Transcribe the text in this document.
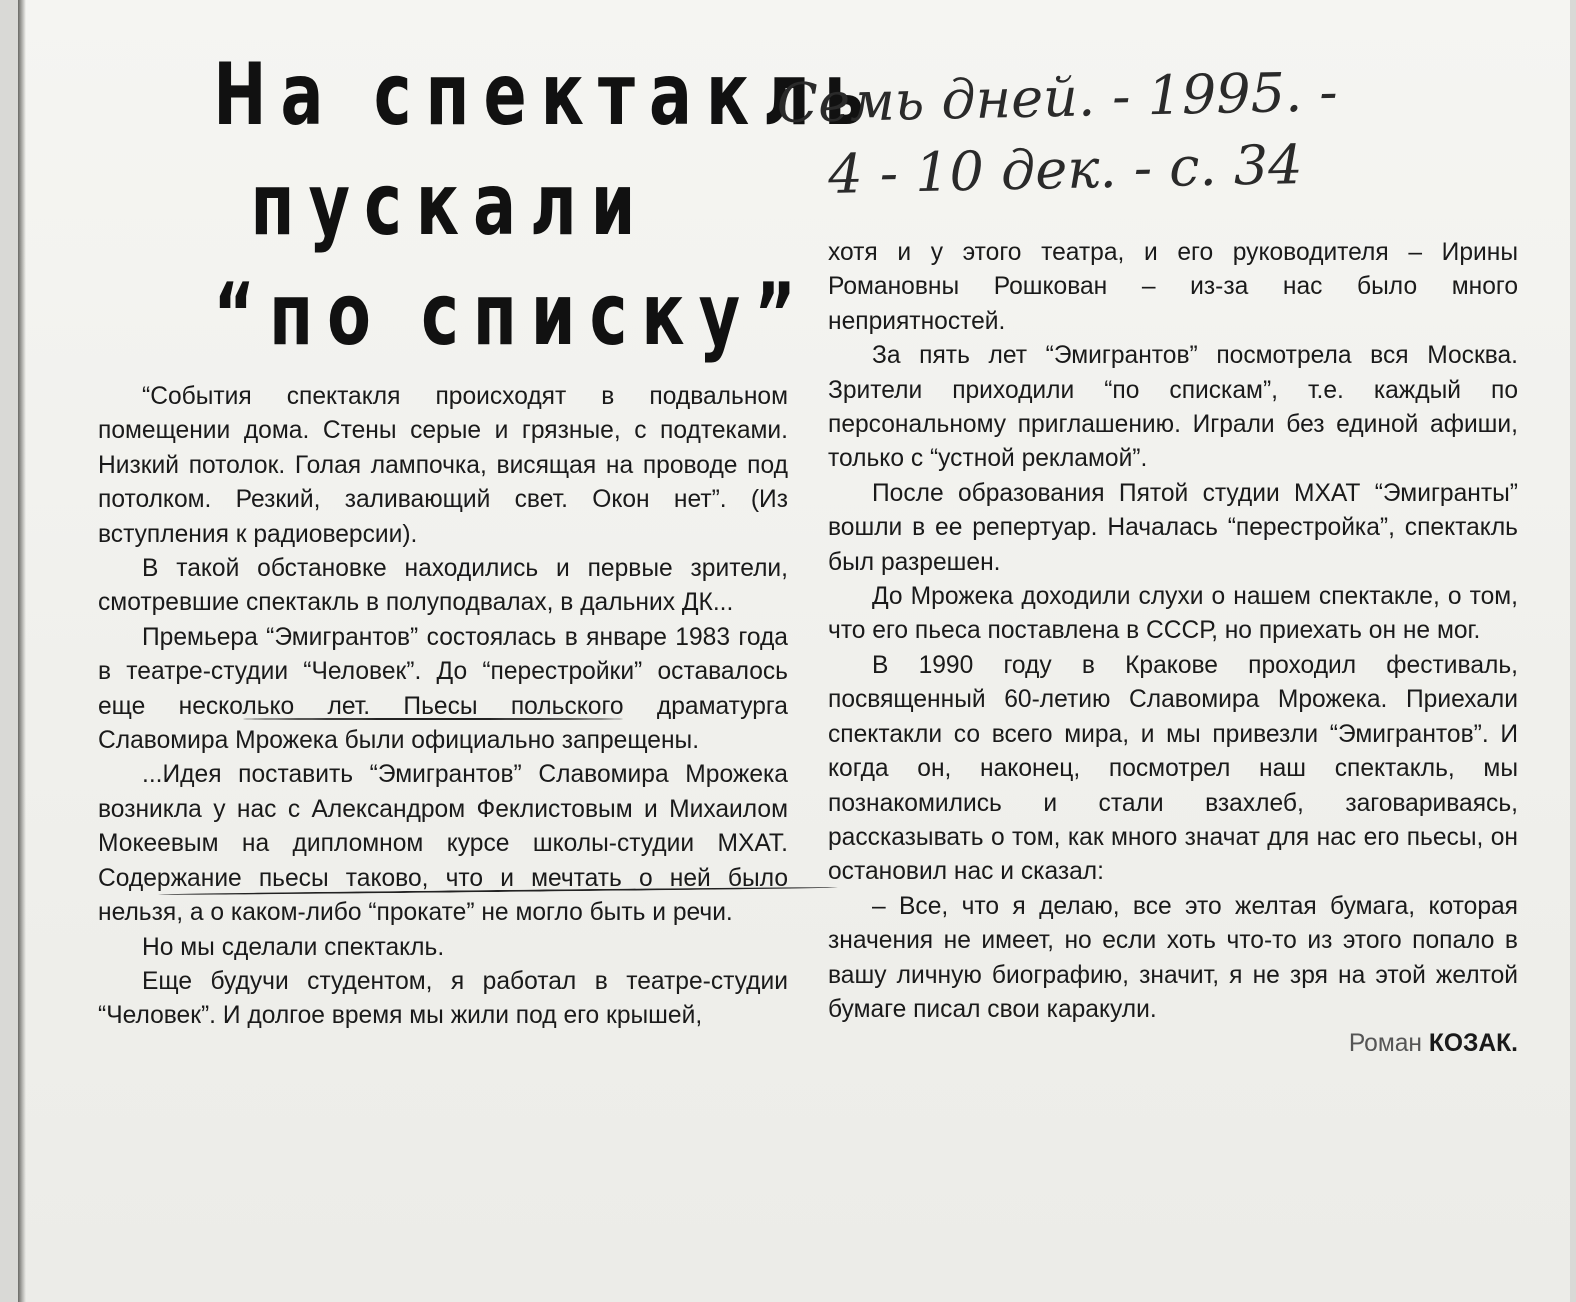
На спектакль
пускали
“по списку”
Семь дней. - 1995. -
4 - 10 дек. - с. 34

“События спектакля происходят в подвальном помещении дома. Стены серые и грязные, с подтеками. Низкий потолок. Голая лампочка, висящая на проводе под потолком. Резкий, заливающий свет. Окон нет”. (Из вступления к радиоверсии).

В такой обстановке находились и первые зрители, смотревшие спектакль в полуподвалах, в дальних ДК...

Премьера “Эмигрантов” состоялась в январе 1983 года в театре-студии “Человек”. До “перестройки” оставалось еще несколько лет. Пьесы польского драматурга Славомира Мрожека были официально запрещены.

...Идея поставить “Эмигрантов” Славомира Мрожека возникла у нас с Александром Феклистовым и Михаилом Мокеевым на дипломном курсе школы-студии МХАТ. Содержание пьесы таково, что и мечтать о ней было нельзя, а о каком-либо “прокате” не могло быть и речи.

Но мы сделали спектакль.

Еще будучи студентом, я работал в театре-студии “Человек”. И долгое время мы жили под его крышей,

хотя и у этого театра, и его руководителя – Ирины Романовны Рошкован – из-за нас было много неприятностей.

За пять лет “Эмигрантов” посмотрела вся Москва. Зрители приходили “по спискам”, т.е. каждый по персональному приглашению. Играли без единой афиши, только с “устной рекламой”.

После образования Пятой студии МХАТ “Эмигранты” вошли в ее репертуар. Началась “перестройка”, спектакль был разрешен.

До Мрожека доходили слухи о нашем спектакле, о том, что его пьеса поставлена в СССР, но приехать он не мог.

В 1990 году в Кракове проходил фестиваль, посвященный 60-летию Славомира Мрожека. Приехали спектакли со всего мира, и мы привезли “Эмигрантов”. И когда он, наконец, посмотрел наш спектакль, мы познакомились и стали взахлеб, заговариваясь, рассказывать о том, как много значат для нас его пьесы, он остановил нас и сказал:

– Все, что я делаю, все это желтая бумага, которая значения не имеет, но если хоть что-то из этого попало в вашу личную биографию, значит, я не зря на этой желтой бумаге писал свои каракули.

Роман КОЗАК.
